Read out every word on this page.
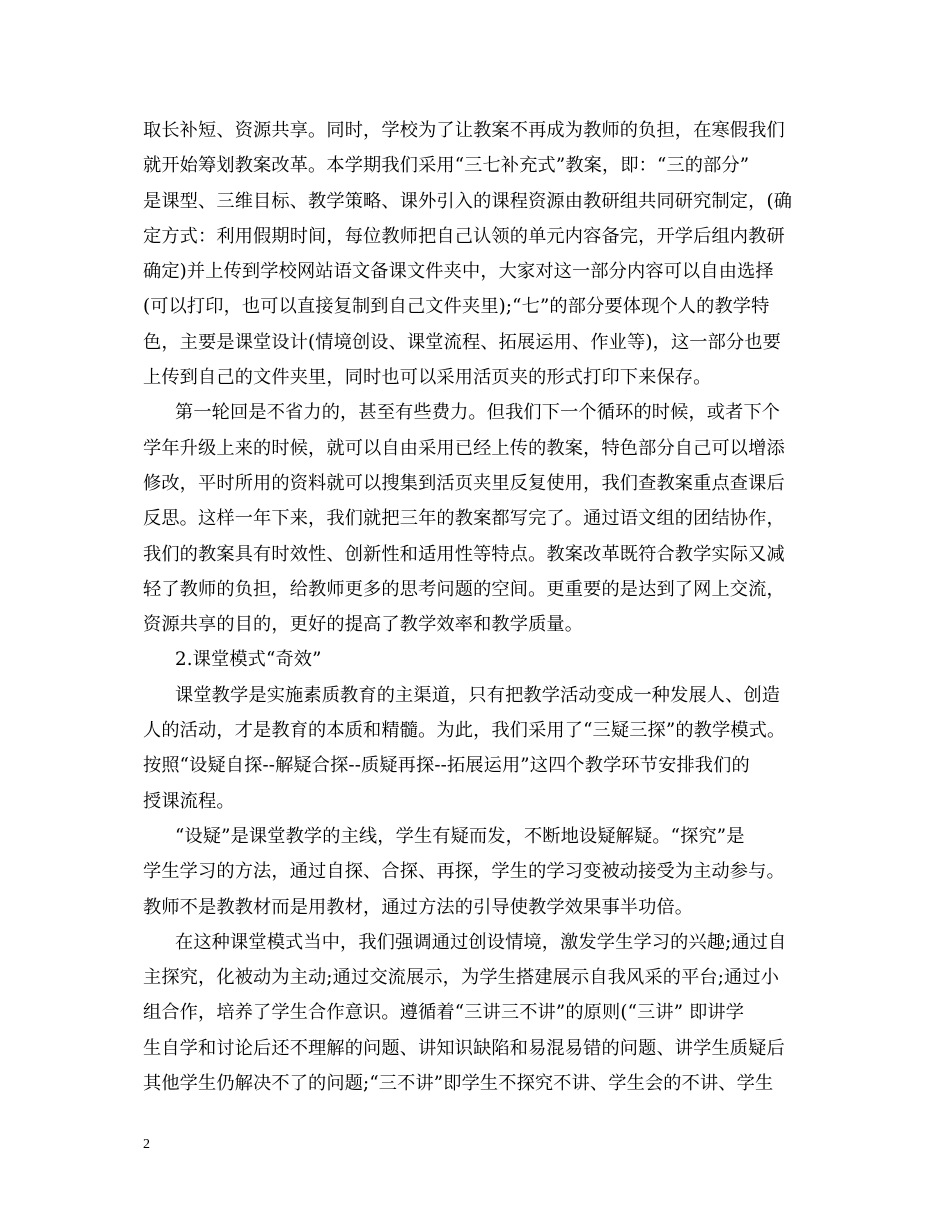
取长补短、资源共享。同时，学校为了让教案不再成为教师的负担，在寒假我们
就开始筹划教案改革。本学期我们采用“三七补充式”教案，即：“三的部分”
是课型、三维目标、教学策略、课外引入的课程资源由教研组共同研究制定，(确
定方式：利用假期时间，每位教师把自己认领的单元内容备完，开学后组内教研
确定)并上传到学校网站语文备课文件夹中，大家对这一部分内容可以自由选择
(可以打印，也可以直接复制到自己文件夹里);“七”的部分要体现个人的教学特
色，主要是课堂设计(情境创设、课堂流程、拓展运用、作业等)，这一部分也要
上传到自己的文件夹里，同时也可以采用活页夹的形式打印下来保存。
第一轮回是不省力的，甚至有些费力。但我们下一个循环的时候，或者下个
学年升级上来的时候，就可以自由采用已经上传的教案，特色部分自己可以增添
修改，平时所用的资料就可以搜集到活页夹里反复使用，我们查教案重点查课后
反思。这样一年下来，我们就把三年的教案都写完了。通过语文组的团结协作，
我们的教案具有时效性、创新性和适用性等特点。教案改革既符合教学实际又减
轻了教师的负担，给教师更多的思考问题的空间。更重要的是达到了网上交流，
资源共享的目的，更好的提高了教学效率和教学质量。
2.课堂模式“奇效”
课堂教学是实施素质教育的主渠道，只有把教学活动变成一种发展人、创造
人的活动，才是教育的本质和精髓。为此，我们采用了“三疑三探”的教学模式。
按照“设疑自探--解疑合探--质疑再探--拓展运用”这四个教学环节安排我们的
授课流程。
“设疑”是课堂教学的主线，学生有疑而发，不断地设疑解疑。“探究”是
学生学习的方法，通过自探、合探、再探，学生的学习变被动接受为主动参与。
教师不是教教材而是用教材，通过方法的引导使教学效果事半功倍。
在这种课堂模式当中，我们强调通过创设情境，激发学生学习的兴趣;通过自
主探究，化被动为主动;通过交流展示，为学生搭建展示自我风采的平台;通过小
组合作，培养了学生合作意识。遵循着“三讲三不讲”的原则(“三讲” 即讲学
生自学和讨论后还不理解的问题、讲知识缺陷和易混易错的问题、讲学生质疑后
其他学生仍解决不了的问题;“三不讲”即学生不探究不讲、学生会的不讲、学生
2
